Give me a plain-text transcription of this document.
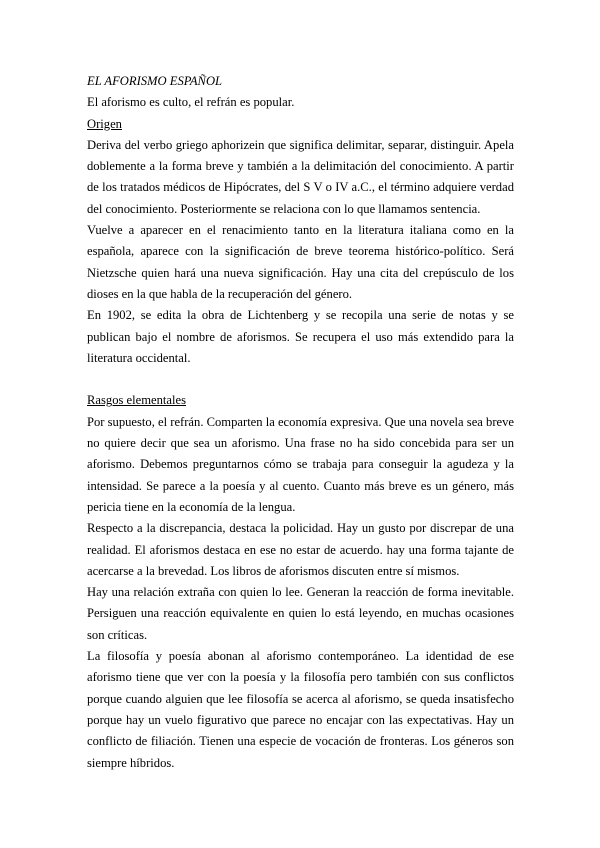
EL AFORISMO ESPAÑOL

El aforismo es culto, el refrán es popular.

Origen

Deriva del verbo griego aphorizein que significa delimitar, separar, distinguir. Apela doblemente a la forma breve y también a la delimitación del conocimiento. A partir de los tratados médicos de Hipócrates, del S V o IV a.C., el término adquiere verdad del conocimiento. Posteriormente se relaciona con lo que llamamos sentencia.

Vuelve a aparecer en el renacimiento tanto en la literatura italiana como en la española, aparece con la significación de breve teorema histórico-político. Será Nietzsche quien hará una nueva significación. Hay una cita del crepúsculo de los dioses en la que habla de la recuperación del género.

En 1902, se edita la obra de Lichtenberg y se recopila una serie de notas y se publican bajo el nombre de aforismos. Se recupera el uso más extendido para la literatura occidental.

Rasgos elementales

Por supuesto, el refrán. Comparten la economía expresiva. Que una novela sea breve no quiere decir que sea un aforismo. Una frase no ha sido concebida para ser un aforismo. Debemos preguntarnos cómo se trabaja para conseguir la agudeza y la intensidad. Se parece a la poesía y al cuento. Cuanto más breve es un género, más pericia tiene en la economía de la lengua.

Respecto a la discrepancia, destaca la policidad. Hay un gusto por discrepar de una realidad. El aforismos destaca en ese no estar de acuerdo. hay una forma tajante de acercarse a la brevedad. Los libros de aforismos discuten entre sí mismos.

Hay una relación extraña con quien lo lee. Generan la reacción de forma inevitable. Persiguen una reacción equivalente en quien lo está leyendo, en muchas ocasiones son críticas.

La filosofía y poesía abonan al aforismo contemporáneo. La identidad de ese aforismo tiene que ver con la poesía y la filosofía pero también con sus conflictos porque cuando alguien que lee filosofía se acerca al aforismo, se queda insatisfecho porque hay un vuelo figurativo que parece no encajar con las expectativas. Hay un conflicto de filiación. Tienen una especie de vocación de fronteras. Los géneros son siempre híbridos.
